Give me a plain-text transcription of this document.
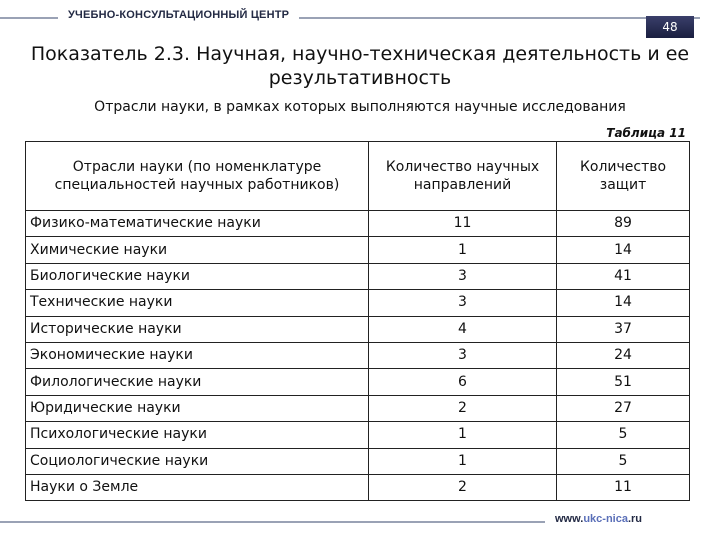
УЧЕБНО-КОНСУЛЬТАЦИОННЫЙ ЦЕНТР
48
Показатель 2.3. Научная, научно-техническая деятельность и ее результативность
Отрасли науки, в рамках которых выполняются научные исследования
Таблица 11
Отрасли науки (по номенклатуре специальностей научных работников)	Количество научных направлений	Количество защит
Физико-математические науки	11	89
Химические науки	1	14
Биологические науки	3	41
Технические науки	3	14
Исторические науки	4	37
Экономические науки	3	24
Филологические науки	6	51
Юридические науки	2	27
Психологические науки	1	5
Социологические науки	1	5
Науки о Земле	2	11
www.ukc-nica.ru
